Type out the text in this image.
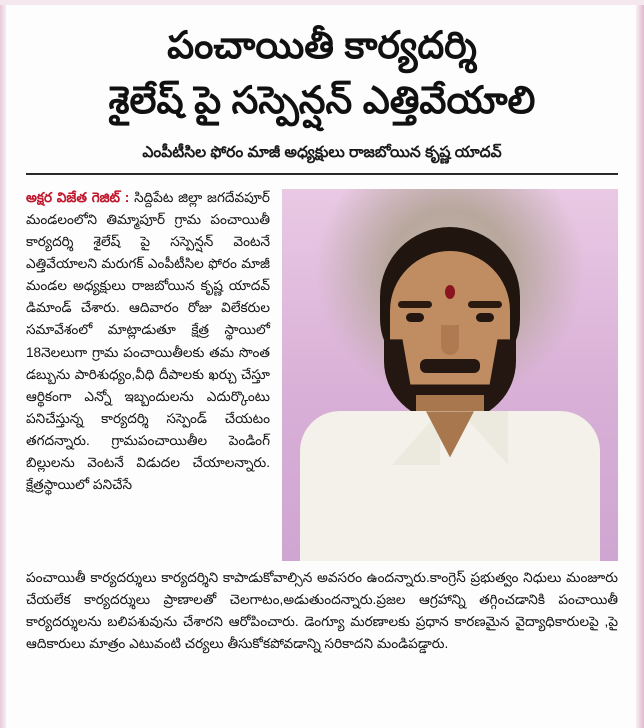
పంచాయితీ కార్యదర్శి
శైలేష్ పై సస్పెన్షన్ ఎత్తివేయాలి
ఎంపీటీసిల ఫోరం మాజీ అధ్యక్షులు రాజబోయిన కృష్ణ యాదవ్
అక్షర విజేత గెజిట్ : సిద్దిపేట జిల్లా జగదేవపూర్ మండలంలోని తిమ్మాపూర్ గ్రామ పంచాయితీ కార్యదర్శి శైలేష్ పై సస్పెన్షన్ వెంటనే ఎత్తివేయాలని మరుగక్ ఎంపీటీసిల ఫోరం మాజీ మండల అధ్యక్షులు రాజబోయిన కృష్ణ యాదవ్ డిమాండ్ చేశారు. ఆదివారం రోజు విలేకరుల సమావేశంలో మాట్లాడుతూ క్షేత్ర స్థాయిలో 18నెలలుగా గ్రామ పంచాయితీలకు తమ సొంత డబ్బును పారిశుధ్యం,వీధి దీపాలకు ఖర్చు చేస్తూ ఆర్థికంగా ఎన్నో ఇబ్బందులను ఎదుర్కొంటు పనిచేస్తున్న కార్యదర్శి సస్పెండ్ చేయటం తగదన్నారు. గ్రామపంచాయితీల పెండింగ్ బిల్లులను వెంటనే విడుదల చేయాలన్నారు. క్షేత్రస్థాయిలో పనిచేసే
పంచాయితీ కార్యదర్శులు కార్యదర్శిని కాపాడుకోవాల్సిన అవసరం ఉందన్నారు.కాంగ్రెస్ ప్రభుత్వం నిధులు మంజూరు చేయలేక కార్యదర్శులు ప్రాణాలతో చెలగాటం,అడుతుందన్నారు.ప్రజల ఆగ్రహాన్ని తగ్గించడానికి పంచాయితీ కార్యదర్శులను బలిపశువును చేశారని ఆరోపించారు. డెంగ్యూ మరణాలకు ప్రధాన కారణమైన వైద్యాధికారులపై ,పై ఆదికారులు మాత్రం ఎటువంటి చర్యలు తీసుకోకపోవడాన్ని సరికాదని మండిపడ్డారు.
